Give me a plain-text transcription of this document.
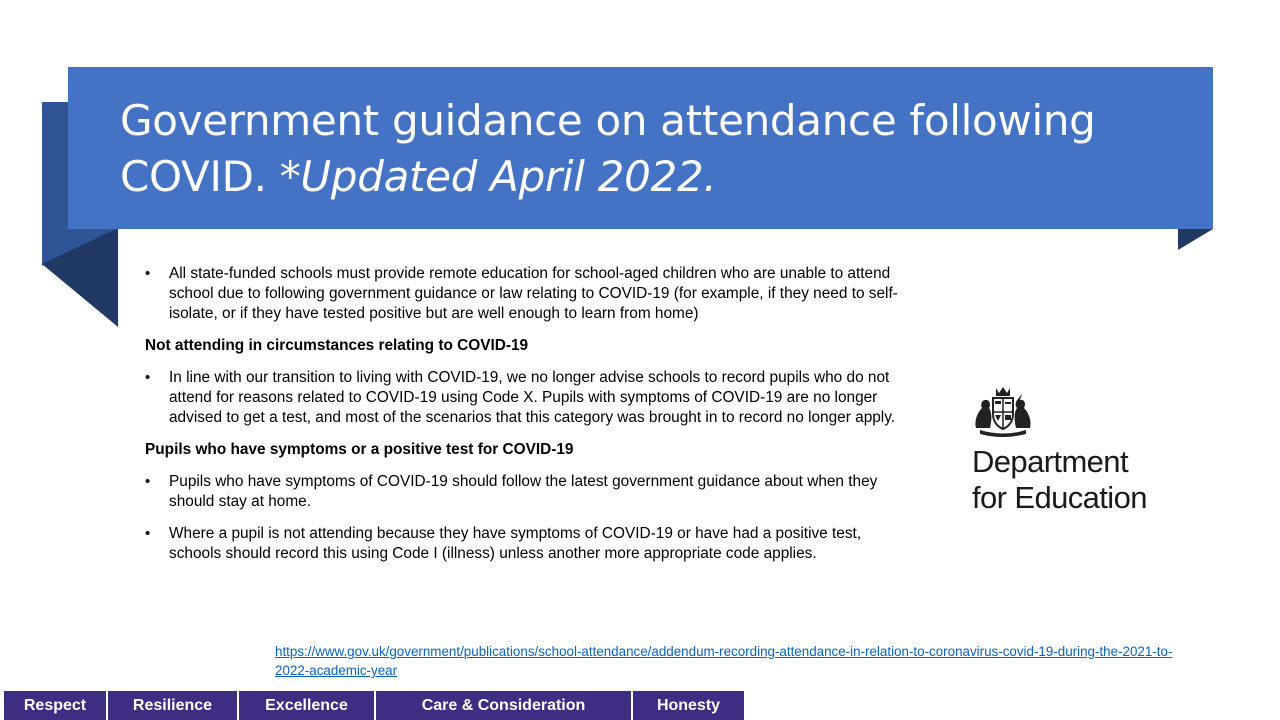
Government guidance on attendance following COVID. *Updated April 2022.

• All state-funded schools must provide remote education for school-aged children who are unable to attend school due to following government guidance or law relating to COVID-19 (for example, if they need to self-isolate, or if they have tested positive but are well enough to learn from home)

Not attending in circumstances relating to COVID-19

• In line with our transition to living with COVID-19, we no longer advise schools to record pupils who do not attend for reasons related to COVID-19 using Code X. Pupils with symptoms of COVID-19 are no longer advised to get a test, and most of the scenarios that this category was brought in to record no longer apply.

Pupils who have symptoms or a positive test for COVID-19

• Pupils who have symptoms of COVID-19 should follow the latest government guidance about when they should stay at home.

• Where a pupil is not attending because they have symptoms of COVID-19 or have had a positive test, schools should record this using Code I (illness) unless another more appropriate code applies.

https://www.gov.uk/government/publications/school-attendance/addendum-recording-attendance-in-relation-to-coronavirus-covid-19-during-the-2021-to-2022-academic-year
Department
for Education
Respect	Resilience	Excellence	Care & Consideration	Honesty
